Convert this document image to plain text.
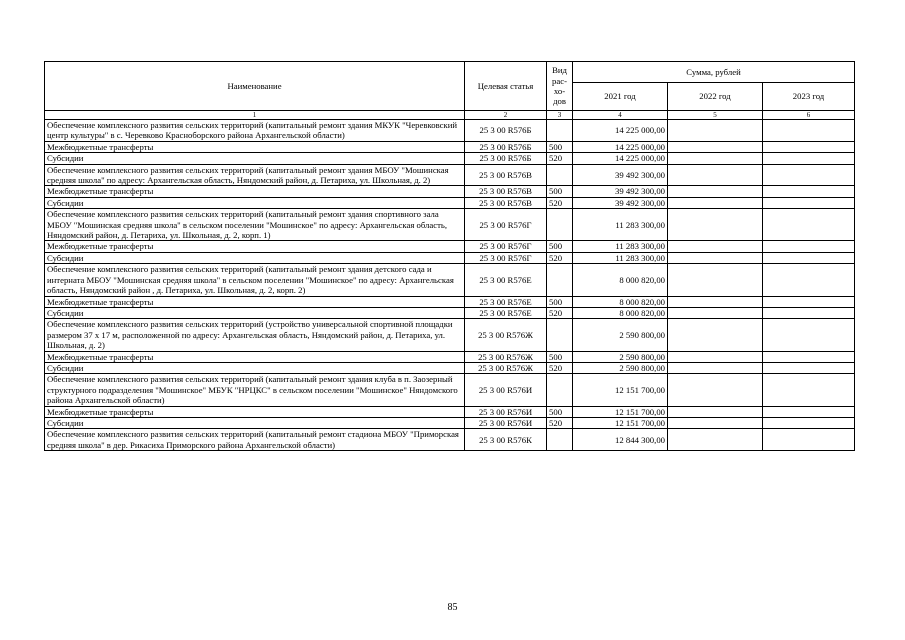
Наименование	Целевая статья	Вид рас-хо-дов	Сумма, рублей		
			2021 год	2022 год	2023 год
1	2	3	4	5	6
Обеспечение комплексного развития сельских территорий (капитальный ремонт здания МКУК "Черевковский центр культуры" в с. Черевково Красноборского района Архангельской области)	25 3 00 R576Б		14 225 000,00		
Межбюджетные трансферты	25 3 00 R576Б	500	14 225 000,00		
Субсидии	25 3 00 R576Б	520	14 225 000,00		
Обеспечение комплексного развития сельских территорий (капитальный ремонт здания МБОУ "Мошинская средняя школа" по адресу: Архангельская область, Няндомский район, д. Петариха, ул. Школьная, д. 2)	25 3 00 R576В		39 492 300,00		
Межбюджетные трансферты	25 3 00 R576В	500	39 492 300,00		
Субсидии	25 3 00 R576В	520	39 492 300,00		
Обеспечение комплексного развития сельских территорий (капитальный ремонт здания спортивного зала МБОУ "Мошинская средняя школа" в сельском поселении "Мошинское" по адресу: Архангельская область, Няндомский район, д. Петариха, ул. Школьная, д. 2, корп. 1)	25 3 00 R576Г		11 283 300,00		
Межбюджетные трансферты	25 3 00 R576Г	500	11 283 300,00		
Субсидии	25 3 00 R576Г	520	11 283 300,00		
Обеспечение комплексного развития сельских территорий (капитальный ремонт здания детского сада и интерната МБОУ "Мошинская средняя школа" в сельском поселении "Мошинское" по адресу: Архангельская область, Няндомский район , д. Петариха, ул. Школьная, д. 2, корп. 2)	25 3 00 R576Е		8 000 820,00		
Межбюджетные трансферты	25 3 00 R576Е	500	8 000 820,00		
Субсидии	25 3 00 R576Е	520	8 000 820,00		
Обеспечение комплексного развития сельских территорий (устройство универсальной спортивной площадки размером 37 х 17 м, расположенной по адресу: Архангельская область, Няндомский район, д. Петариха, ул. Школьная, д. 2)	25 3 00 R576Ж		2 590 800,00		
Межбюджетные трансферты	25 3 00 R576Ж	500	2 590 800,00		
Субсидии	25 3 00 R576Ж	520	2 590 800,00		
Обеспечение комплексного развития сельских территорий (капитальный ремонт здания клуба в п. Заозерный структурного подразделения "Мошинское" МБУК "НРЦКС" в сельском поселении "Мошинское" Няндомского района Архангельской области)	25 3 00 R576И		12 151 700,00		
Межбюджетные трансферты	25 3 00 R576И	500	12 151 700,00		
Субсидии	25 3 00 R576И	520	12 151 700,00		
Обеспечение комплексного развития сельских территорий (капитальный ремонт стадиона МБОУ "Приморская средняя школа" в дер. Рикасиха Приморского района Архангельской области)	25 3 00 R576К		12 844 300,00		
85
